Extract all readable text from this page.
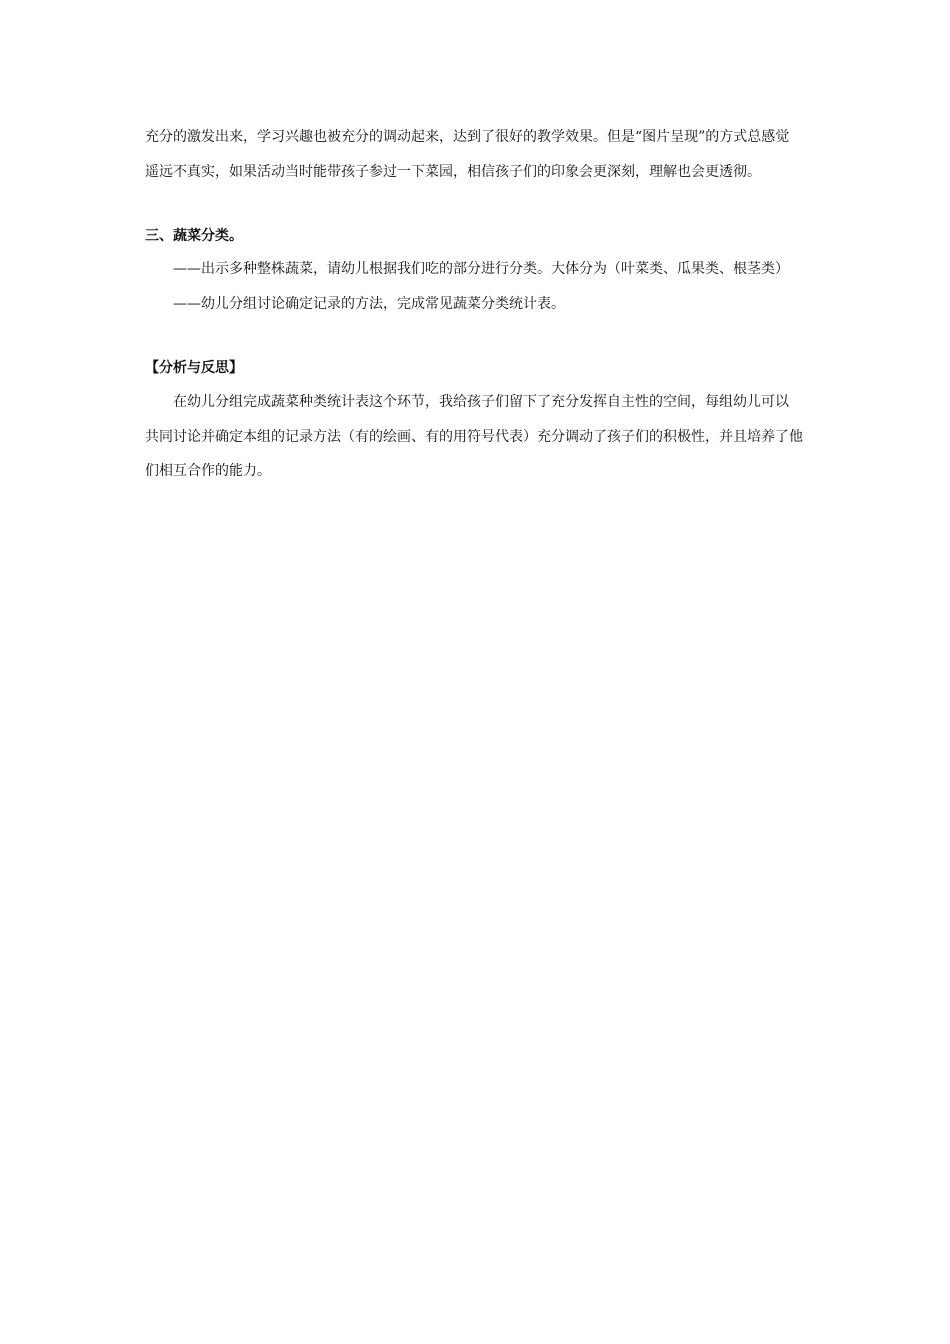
充分的激发出来，学习兴趣也被充分的调动起来，达到了很好的教学效果。但是“图片呈现”的方式总感觉
遥远不真实，如果活动当时能带孩子参过一下菜园，相信孩子们的印象会更深刻，理解也会更透彻。
三、蔬菜分类。
——出示多种整株蔬菜，请幼儿根据我们吃的部分进行分类。大体分为（叶菜类、瓜果类、根茎类）
——幼儿分组讨论确定记录的方法，完成常见蔬菜分类统计表。
【分析与反思】
在幼儿分组完成蔬菜种类统计表这个环节，我给孩子们留下了充分发挥自主性的空间，每组幼儿可以
共同讨论并确定本组的记录方法（有的绘画、有的用符号代表）充分调动了孩子们的积极性，并且培养了他
们相互合作的能力。
